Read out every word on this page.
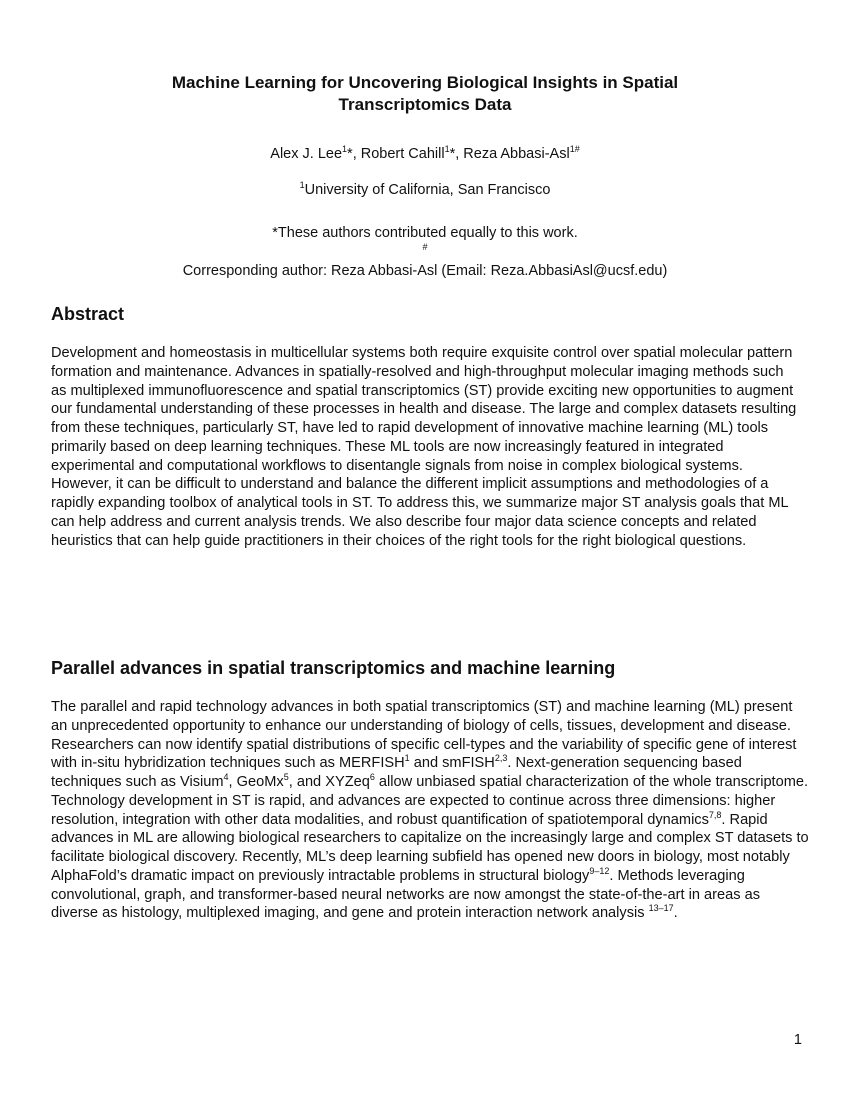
Machine Learning for Uncovering Biological Insights in Spatial
Transcriptomics Data

Alex J. Lee$^1$*, Robert Cahill$^1$*, Reza Abbasi-Asl$^{1\#}$

$^1$University of California, San Francisco

*These authors contributed equally to this work.
#
Corresponding author: Reza Abbasi-Asl (Email: Reza.AbbasiAsl@ucsf.edu)

Abstract

Development and homeostasis in multicellular systems both require exquisite control over spatial molecular pattern formation and maintenance. Advances in spatially-resolved and high-throughput molecular imaging methods such as multiplexed immunofluorescence and spatial transcriptomics (ST) provide exciting new opportunities to augment our fundamental understanding of these processes in health and disease. The large and complex datasets resulting from these techniques, particularly ST, have led to rapid development of innovative machine learning (ML) tools primarily based on deep learning techniques. These ML tools are now increasingly featured in integrated experimental and computational workflows to disentangle signals from noise in complex biological systems. However, it can be difficult to understand and balance the different implicit assumptions and methodologies of a rapidly expanding toolbox of analytical tools in ST. To address this, we summarize major ST analysis goals that ML can help address and current analysis trends. We also describe four major data science concepts and related heuristics that can help guide practitioners in their choices of the right tools for the right biological questions.

Parallel advances in spatial transcriptomics and machine learning

The parallel and rapid technology advances in both spatial transcriptomics (ST) and machine learning (ML) present an unprecedented opportunity to enhance our understanding of biology of cells, tissues, development and disease. Researchers can now identify spatial distributions of specific cell-types and the variability of specific gene of interest with in-situ hybridization techniques such as MERFISH$^1$ and smFISH$^{2,3}$. Next-generation sequencing based techniques such as Visium$^4$, GeoMx$^5$, and XYZeq$^6$ allow unbiased spatial characterization of the whole transcriptome. Technology development in ST is rapid, and advances are expected to continue across three dimensions: higher resolution, integration with other data modalities, and robust quantification of spatiotemporal dynamics$^{7,8}$. Rapid advances in ML are allowing biological researchers to capitalize on the increasingly large and complex ST datasets to facilitate biological discovery. Recently, ML’s deep learning subfield has opened new doors in biology, most notably AlphaFold’s dramatic impact on previously intractable problems in structural biology$^{9-12}$. Methods leveraging convolutional, graph, and transformer-based neural networks are now amongst the state-of-the-art in areas as diverse as histology, multiplexed imaging, and gene and protein interaction network analysis $^{13-17}$.

1
